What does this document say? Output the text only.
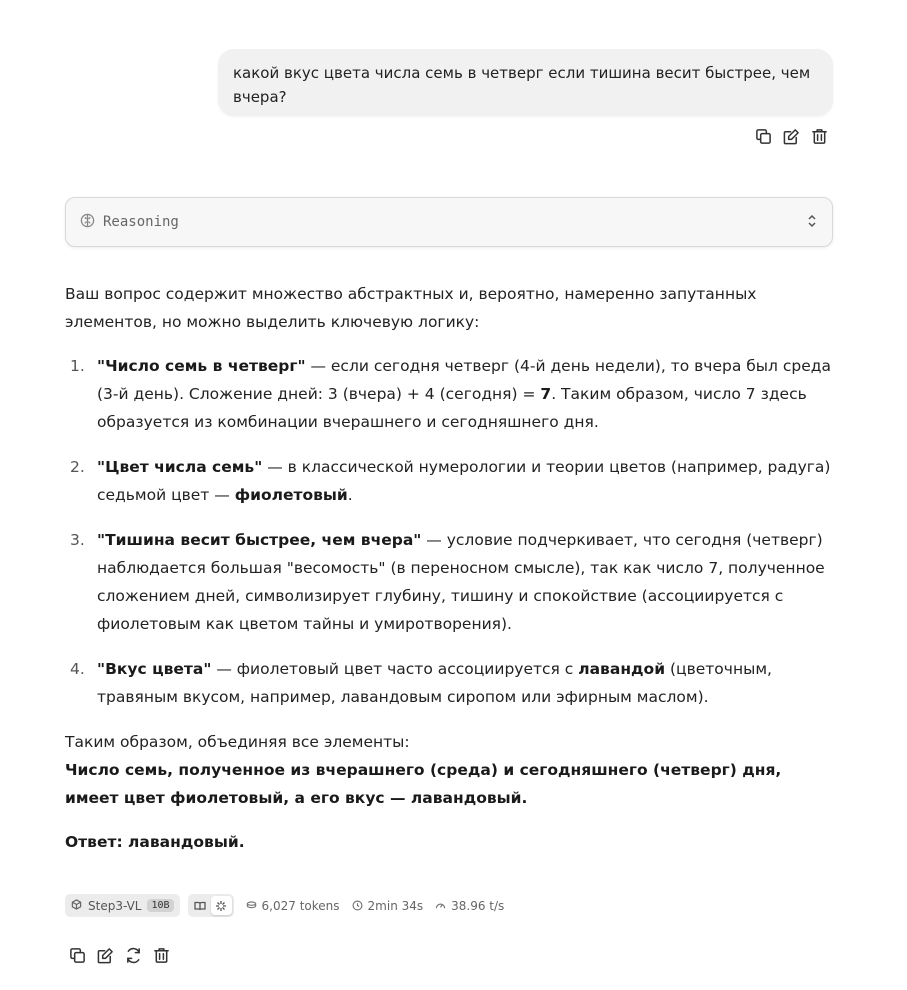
какой вкус цвета числа семь в четверг если тишина весит быстрее, чем вчера?
Reasoning

Ваш вопрос содержит множество абстрактных и, вероятно, намеренно запутанных элементов, но можно выделить ключевую логику:

1. "Число семь в четверг" — если сегодня четверг (4-й день недели), то вчера был среда (3-й день). Сложение дней: 3 (вчера) + 4 (сегодня) = 7. Таким образом, число 7 здесь образуется из комбинации вчерашнего и сегодняшнего дня.
2. "Цвет числа семь" — в классической нумерологии и теории цветов (например, радуга) седьмой цвет — фиолетовый.
3. "Тишина весит быстрее, чем вчера" — условие подчеркивает, что сегодня (четверг) наблюдается большая "весомость" (в переносном смысле), так как число 7, полученное сложением дней, символизирует глубину, тишину и спокойствие (ассоциируется с фиолетовым как цветом тайны и умиротворения).
4. "Вкус цвета" — фиолетовый цвет часто ассоциируется с лавандой (цветочным, травяным вкусом, например, лавандовым сиропом или эфирным маслом).

Таким образом, объединяя все элементы:
Число семь, полученное из вчерашнего (среда) и сегодняшнего (четверг) дня, имеет цвет фиолетовый, а его вкус — лавандовый.

Ответ: лавандовый.

Step3-VL	10B	6,027 tokens 2min 34s 38.96 t/s
